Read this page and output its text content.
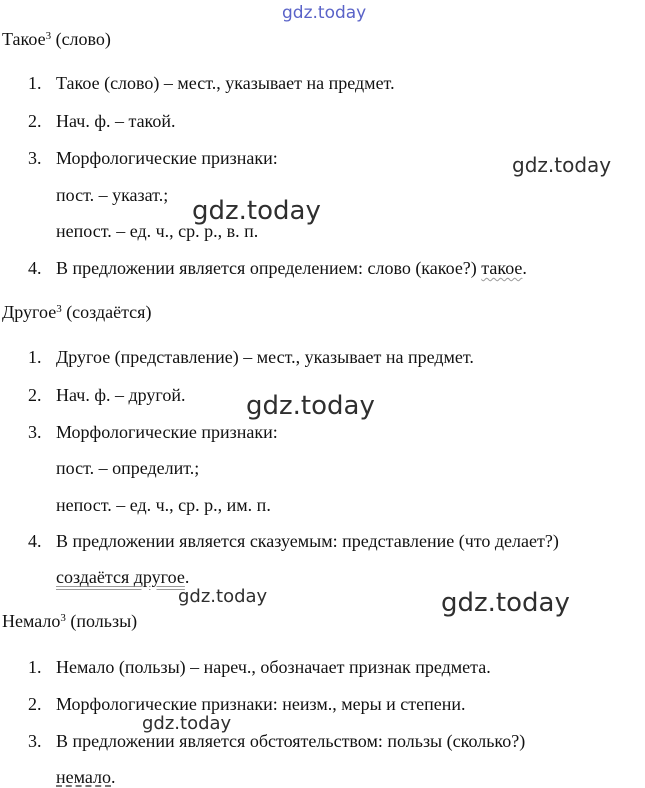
gdz.today
gdz.today
gdz.today
gdz.today
gdz.today	gdz.today
gdz.today
Такое$^3$ (слово)
1. Такое (слово) – мест., указывает на предмет.
2. Нач. ф. – такой.
3. Морфологические признаки:
пост. – указат.;
непост. – ед. ч., ср. р., в. п.
4. В предложении является определением: слово (какое?) такое.
Другое$^3$ (создаётся)
1. Другое (представление) – мест., указывает на предмет.
2. Нач. ф. – другой.
3. Морфологические признаки:
пост. – определит.;
непост. – ед. ч., ср. р., им. п.
4. В предложении является сказуемым: представление (что делает?)
создаётся другое.
Немало$^3$ (пользы)
1. Немало (пользы) – нареч., обозначает признак предмета.
2. Морфологические признаки: неизм., меры и степени.
3. В предложении является обстоятельством: пользы (сколько?)
немало.
